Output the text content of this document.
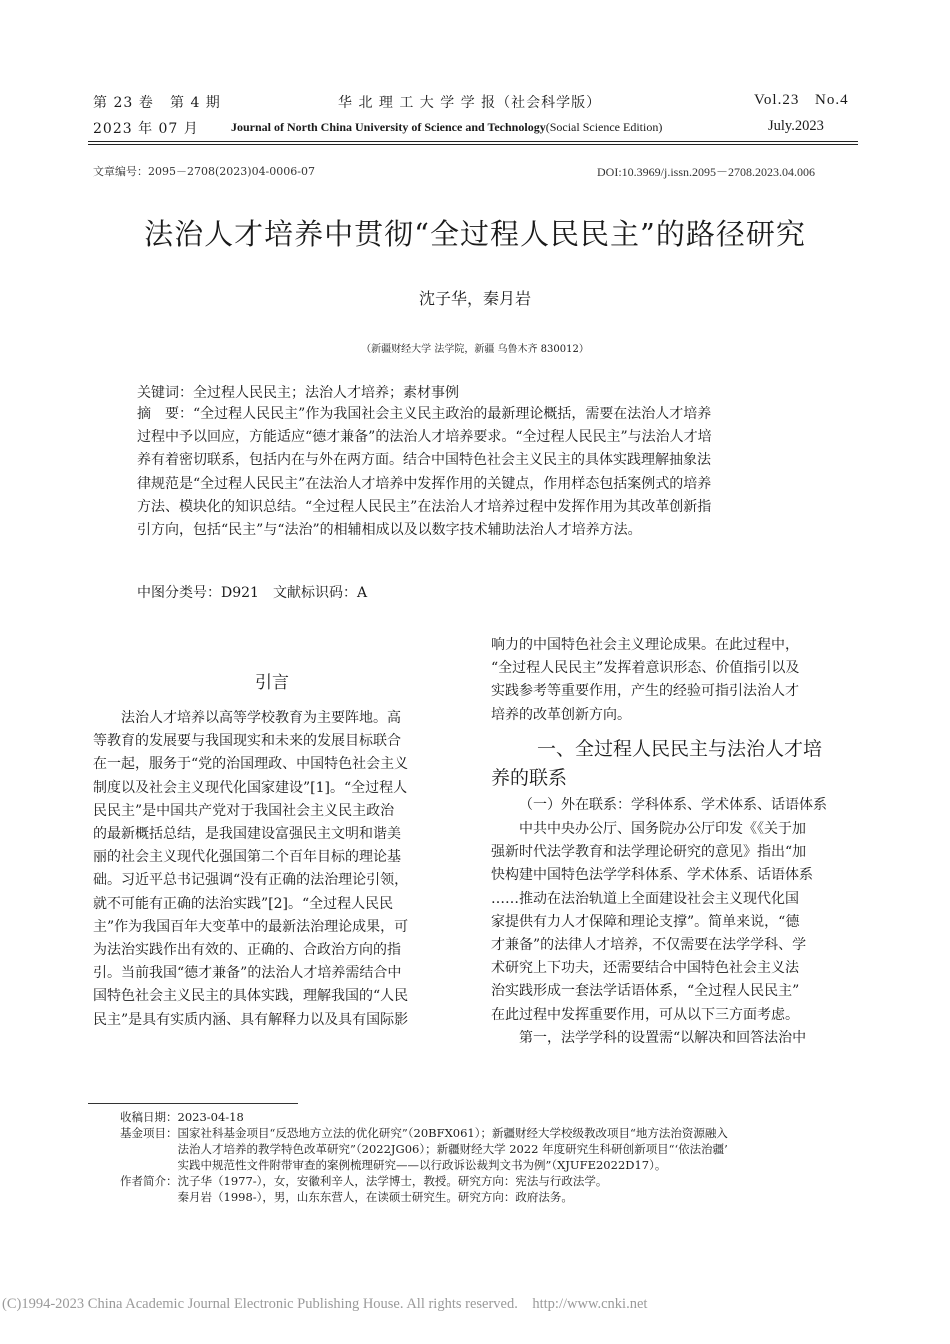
第 23 卷 第 4 期	华 北 理 工 大 学 学 报（社会科学版）	Vol.23 No.4
2023 年 07 月	Journal of North China University of Science and Technology(Social Science Edition)	July.2023
文章编号：2095－2708(2023)04-0006-07	DOI:10.3969/j.issn.2095－2708.2023.04.006
法治人才培养中贯彻“全过程人民民主”的路径研究
沈子华，秦月岩
（新疆财经大学 法学院，新疆 乌鲁木齐 830012）
关键词：全过程人民民主；法治人才培养；素材事例
摘　要：“全过程人民民主”作为我国社会主义民主政治的最新理论概括，需要在法治人才培养
过程中予以回应，方能适应“德才兼备”的法治人才培养要求。“全过程人民民主”与法治人才培
养有着密切联系，包括内在与外在两方面。结合中国特色社会主义民主的具体实践理解抽象法
律规范是“全过程人民民主”在法治人才培养中发挥作用的关键点，作用样态包括案例式的培养
方法、模块化的知识总结。“全过程人民民主”在法治人才培养过程中发挥作用为其改革创新指
引方向，包括“民主”与“法治”的相辅相成以及以数字技术辅助法治人才培养方法。
中图分类号：D921　文献标识码：A
引言
　　法治人才培养以高等学校教育为主要阵地。高
等教育的发展要与我国现实和未来的发展目标联合
在一起，服务于“党的治国理政、中国特色社会主义
制度以及社会主义现代化国家建设”[1]。“全过程人
民民主”是中国共产党对于我国社会主义民主政治
的最新概括总结，是我国建设富强民主文明和谐美
丽的社会主义现代化强国第二个百年目标的理论基
础。习近平总书记强调“没有正确的法治理论引领，
就不可能有正确的法治实践”[2]。“全过程人民民
主”作为我国百年大变革中的最新法治理论成果，可
为法治实践作出有效的、正确的、合政治方向的指
引。当前我国“德才兼备”的法治人才培养需结合中
国特色社会主义民主的具体实践，理解我国的“人民
民主”是具有实质内涵、具有解释力以及具有国际影
响力的中国特色社会主义理论成果。在此过程中，
“全过程人民民主”发挥着意识形态、价值指引以及
实践参考等重要作用，产生的经验可指引法治人才
培养的改革创新方向。
一、全过程人民民主与法治人才培
养的联系
（一）外在联系：学科体系、学术体系、话语体系
　　中共中央办公厅、国务院办公厅印发《《关于加
强新时代法学教育和法学理论研究的意见》指出“加
快构建中国特色法学学科体系、学术体系、话语体系
……推动在法治轨道上全面建设社会主义现代化国
家提供有力人才保障和理论支撑”。简单来说，“德
才兼备”的法律人才培养，不仅需要在法学学科、学
术研究上下功夫，还需要结合中国特色社会主义法
治实践形成一套法学话语体系，“全过程人民民主”
在此过程中发挥重要作用，可从以下三方面考虑。
　　第一，法学学科的设置需“以解决和回答法治中
收稿日期：2023-04-18
基金项目：国家社科基金项目“反恐地方立法的优化研究”（20BFX061）；新疆财经大学校级教改项目“地方法治资源融入
　　　　　法治人才培养的教学特色改革研究”（2022JG06）；新疆财经大学 2022 年度研究生科研创新项目“‘依法治疆’
　　　　　实践中规范性文件附带审查的案例梳理研究——以行政诉讼裁判文书为例”（XJUFE2022D17）。
作者简介：沈子华（1977-），女，安徽利辛人，法学博士，教授。研究方向：宪法与行政法学。
　　　　　秦月岩（1998-），男，山东东营人，在读硕士研究生。研究方向：政府法务。
(C)1994-2023 China Academic Journal Electronic Publishing House. All rights reserved.    http://www.cnki.net
